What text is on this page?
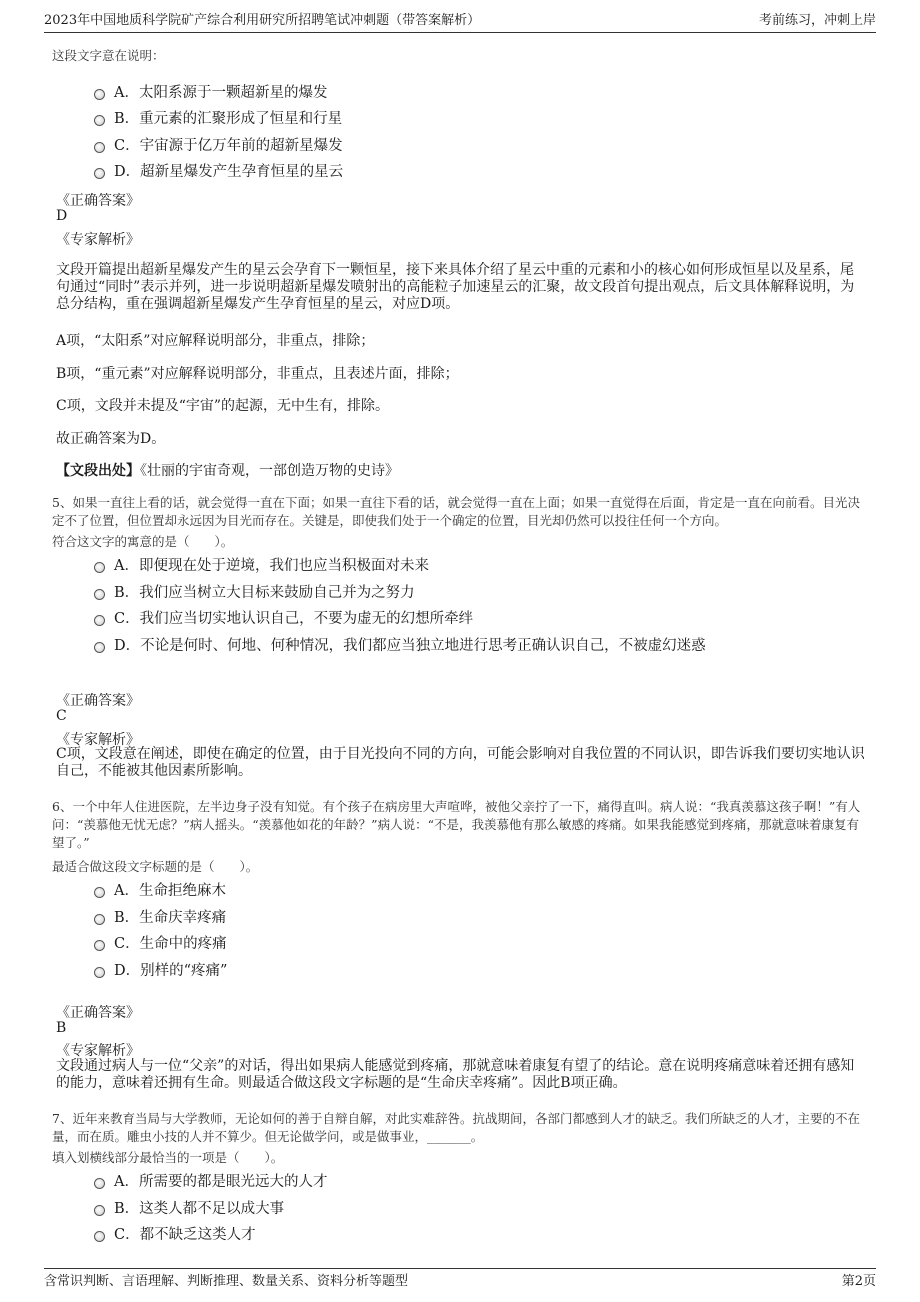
2023年中国地质科学院矿产综合利用研究所招聘笔试冲刺题（带答案解析）	考前练习，冲刺上岸
这段文字意在说明：
A．太阳系源于一颗超新星的爆发
B．重元素的汇聚形成了恒星和行星
C．宇宙源于亿万年前的超新星爆发
D．超新星爆发产生孕育恒星的星云
《正确答案》
D
《专家解析》
文段开篇提出超新星爆发产生的星云会孕育下一颗恒星，接下来具体介绍了星云中重的元素和小的核心如何形成恒星以及星系，尾句通过“同时”表示并列，进一步说明超新星爆发喷射出的高能粒子加速星云的汇聚，故文段首句提出观点，后文具体解释说明，为总分结构，重在强调超新星爆发产生孕育恒星的星云，对应D项。
A项，“太阳系”对应解释说明部分，非重点，排除；
B项，“重元素”对应解释说明部分，非重点，且表述片面，排除；
C项，文段并未提及“宇宙”的起源，无中生有，排除。
故正确答案为D。
【文段出处】《壮丽的宇宙奇观，一部创造万物的史诗》
5、如果一直往上看的话，就会觉得一直在下面；如果一直往下看的话，就会觉得一直在上面；如果一直觉得在后面，肯定是一直在向前看。目光决定不了位置，但位置却永远因为目光而存在。关键是，即使我们处于一个确定的位置，目光却仍然可以投往任何一个方向。
符合这文字的寓意的是（　　）。
A．即便现在处于逆境，我们也应当积极面对未来
B．我们应当树立大目标来鼓励自己并为之努力
C．我们应当切实地认识自己，不要为虚无的幻想所牵绊
D．不论是何时、何地、何种情况，我们都应当独立地进行思考正确认识自己，不被虚幻迷惑
《正确答案》
C
《专家解析》
C项，文段意在阐述，即使在确定的位置，由于目光投向不同的方向，可能会影响对自我位置的不同认识，即告诉我们要切实地认识自己，不能被其他因素所影响。
6、一个中年人住进医院，左半边身子没有知觉。有个孩子在病房里大声喧哗，被他父亲拧了一下，痛得直叫。病人说：“我真羡慕这孩子啊！”有人问：“羡慕他无忧无虑？”病人摇头。“羡慕他如花的年龄？”病人说：“不是，我羡慕他有那么敏感的疼痛。如果我能感觉到疼痛，那就意味着康复有望了。”
最适合做这段文字标题的是（　　）。
A．生命拒绝麻木
B．生命庆幸疼痛
C．生命中的疼痛
D．别样的“疼痛”
《正确答案》
B
《专家解析》
文段通过病人与一位“父亲”的对话，得出如果病人能感觉到疼痛，那就意味着康复有望了的结论。意在说明疼痛意味着还拥有感知的能力，意味着还拥有生命。则最适合做这段文字标题的是“生命庆幸疼痛”。因此B项正确。
7、近年来教育当局与大学教师，无论如何的善于自辩自解，对此实难辞咎。抗战期间，各部门都感到人才的缺乏。我们所缺乏的人才，主要的不在量，而在质。雕虫小技的人并不算少。但无论做学问，或是做事业，_______。
填入划横线部分最恰当的一项是（　　）。
A．所需要的都是眼光远大的人才
B．这类人都不足以成大事
C．都不缺乏这类人才
含常识判断、言语理解、判断推理、数量关系、资料分析等题型	第2页
